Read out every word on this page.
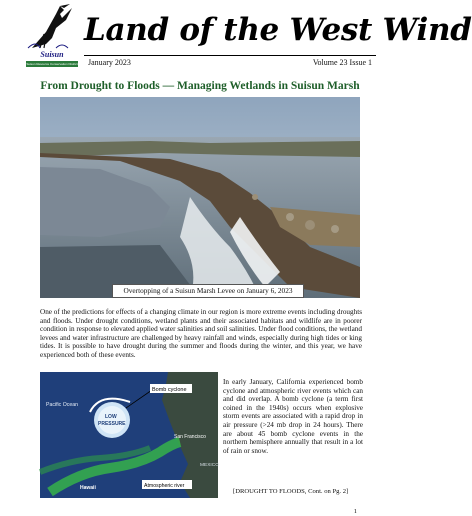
Suisun
Suisun Resource Conservation District
Land of the West Wind
January 2023	Volume 23 Issue 1
From Drought to Floods — Managing Wetlands in Suisun Marsh
Overtopping of a Suisun Marsh Levee on January 6, 2023
One of the predictions for effects of a changing climate in our region is more extreme events including droughts and floods. Under drought conditions, wetland plants and their associated habitats and wildlife are in poorer condition in response to elevated applied water salinities and soil salinities. Under flood conditions, the wetland levees and water infrastructure are challenged by heavy rainfall and winds, especially during high tides or king tides. It is possible to have drought during the summer and floods during the winter, and this year, we have experienced both of these events.
Bomb cyclone
Pacific Ocean
LOW
PRESSURE
San Francisco
MEXICO
Hawaii	Atmospheric river
In early January, California experienced bomb cyclone and atmospheric river events which can and did overlap. A bomb cyclone (a term first coined in the 1940s) occurs when explosive storm events are associated with a rapid drop in air pressure (>24 mb drop in 24 hours). There are about 45 bomb cyclone events in the northern hemisphere annually that result in a lot of rain or snow.
[DROUGHT TO FLOODS, Cont. on Pg. 2]
1
